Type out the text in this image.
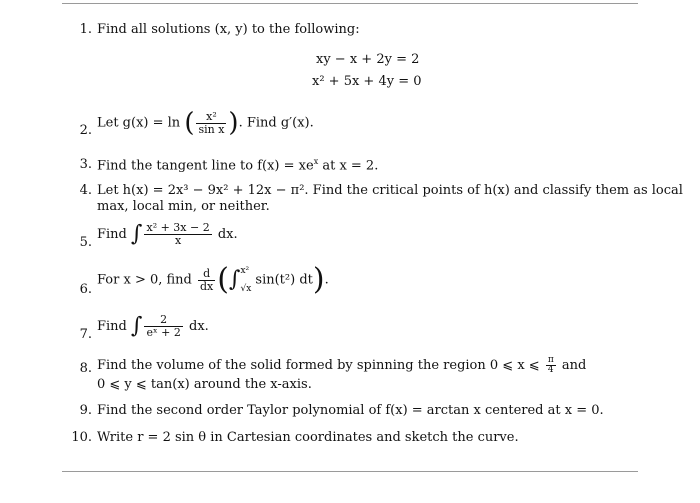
1. Find all solutions (x, y) to the following:
xy − x + 2y = 2
x² + 5x + 4y = 0
2. Let g(x) = ln ( $\frac{\text{x²}}{\text{sin x}}$ ). Find g′(x).
3. Find the tangent line to $f(x) = xe^x$ at x = 2.
4. Let h(x) = 2x³ − 9x² + 12x − π². Find the critical points of h(x) and classify them as local
max, local min, or neither.
5.
Find ∫ $\frac{\text{x² + 3x − 2}}{x}$ dx.
6.
For x > 0, find $\frac{d}{dx}$ (∫ x²
√x
sin(t²) dt).
7.
Find ∫ $\frac{2}{\text{eˣ + 2}}$ dx.
8. Find the volume of the solid formed by spinning the region 0 ⩽ x ⩽ $\frac{\pi}{4}$ and
0 ⩽ y ⩽ tan(x) around the x-axis.
9. Find the second order Taylor polynomial of f(x) = arctan x centered at x = 0.
10. Write r = 2 sin θ in Cartesian coordinates and sketch the curve.
